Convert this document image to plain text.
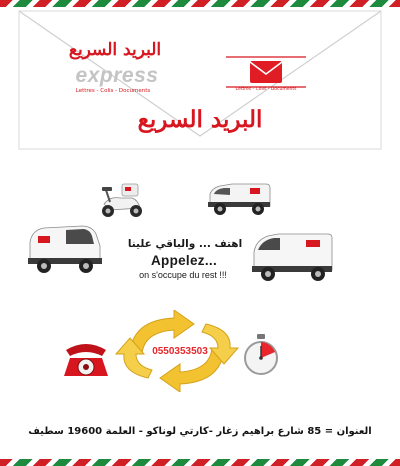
البريد السريع
express
Lettres - Colis - Documents	Lettres - Colis - Documents
البريد السريع
اهتف ... والباقي علينا
Appelez...
on s'occupe du rest !!!
0550353503
العنوان = 85 شارع براهيم زغار -كارتي لوناكو - العلمة 19600 سطيف
